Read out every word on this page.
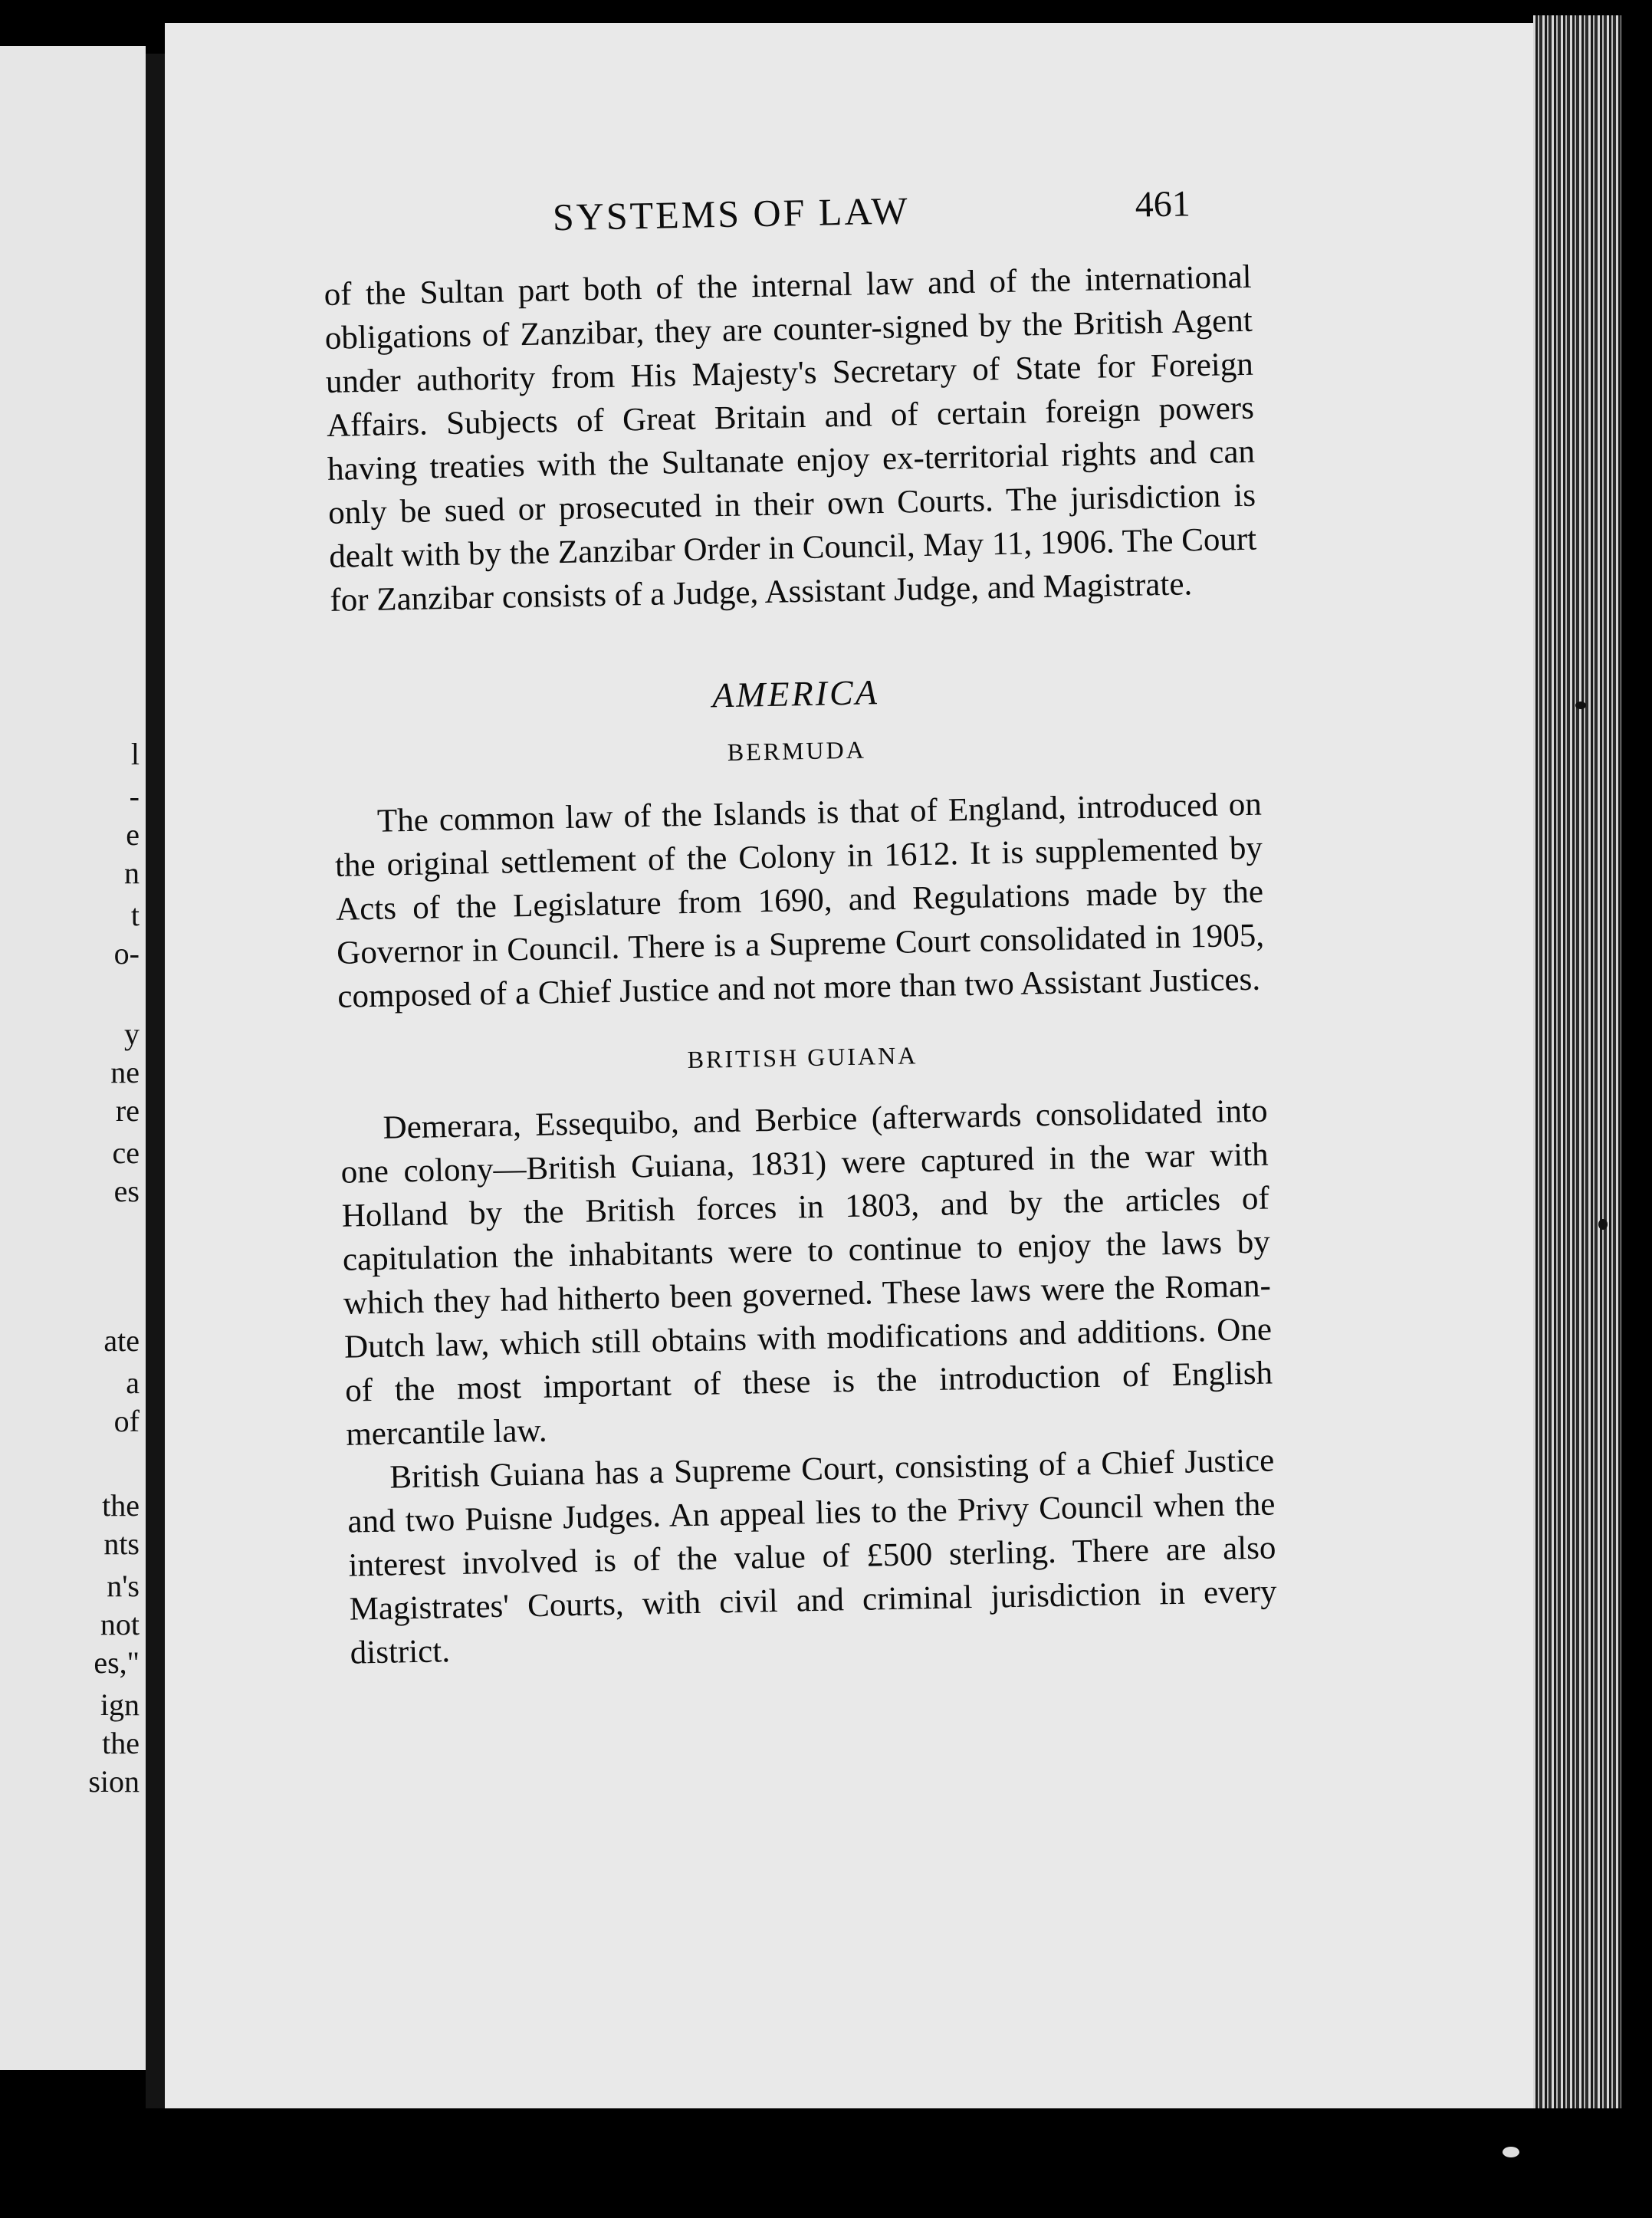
l
-
e
n
t
o-
y
ne
re
ce
es
ate
a
of
the
nts
n's
not
es,"
ign
the
sion
SYSTEMS OF LAW	461

of the Sultan part both of the internal law and of the international obligations of Zanzibar, they are counter-signed by the British Agent under authority from His Majesty's Secretary of State for Foreign Affairs. Subjects of Great Britain and of certain foreign powers having treaties with the Sultanate enjoy ex-territorial rights and can only be sued or prosecuted in their own Courts. The jurisdiction is dealt with by the Zanzibar Order in Council, May 11, 1906. The Court for Zanzibar consists of a Judge, Assistant Judge, and Magistrate.

AMERICA
BERMUDA

The common law of the Islands is that of England, introduced on the original settlement of the Colony in 1612. It is supplemented by Acts of the Legislature from 1690, and Regulations made by the Governor in Council. There is a Supreme Court consolidated in 1905, composed of a Chief Justice and not more than two Assistant Justices.

BRITISH GUIANA

Demerara, Essequibo, and Berbice (afterwards consolidated into one colony—British Guiana, 1831) were captured in the war with Holland by the British forces in 1803, and by the articles of capitulation the inhabitants were to continue to enjoy the laws by which they had hitherto been governed. These laws were the Roman-Dutch law, which still obtains with modifications and additions. One of the most important of these is the introduction of English mercantile law.

British Guiana has a Supreme Court, consisting of a Chief Justice and two Puisne Judges. An appeal lies to the Privy Council when the interest involved is of the value of £500 sterling. There are also Magistrates' Courts, with civil and criminal jurisdiction in every district.
